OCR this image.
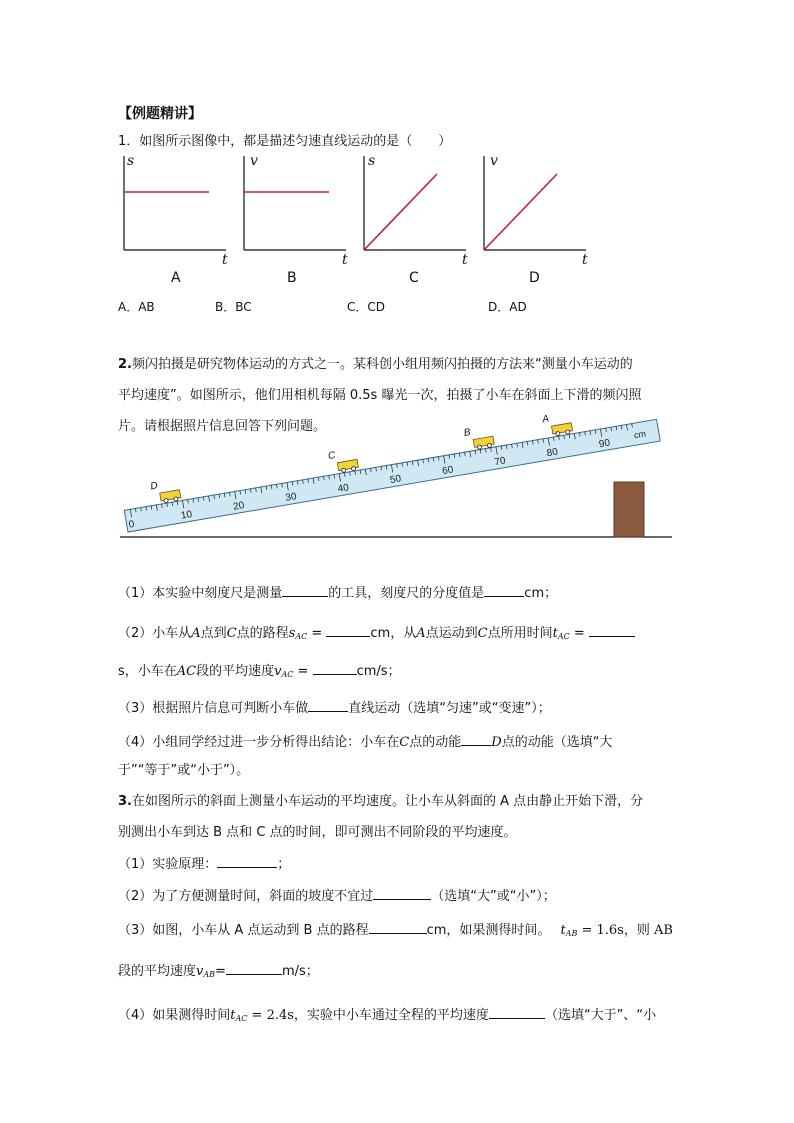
【例题精讲】
1．如图所示图像中，都是描述匀速直线运动的是（　　）
s
t
A
v
t
B
s
t
C
v
t
D
A．AB	B．BC	C．CD	D．AD
2.频闪拍摄是研究物体运动的方式之一。某科创小组用频闪拍摄的方法来“测量小车运动的
平均速度”。如图所示，他们用相机每隔 0.5s 曝光一次，拍摄了小车在斜面上下滑的频闪照
片。请根据照片信息回答下列问题。
0
10
20
30
40
50
60
70
80
90
cm
D
C
B
A
（1）本实验中刻度尺是测量	的工具，刻度尺的分度值是	cm；
（2）小车从A点到C点的路程$s_{AC}$ =	cm，从A点运动到C点所用时间$t_{AC}$ =
s，小车在AC段的平均速度$v_{AC}$ =	cm/s；
（3）根据照片信息可判断小车做	直线运动（选填“匀速”或“变速”）；
（4）小组同学经过进一步分析得出结论：小车在C点的动能 D点的动能（选填“大
于”“等于”或“小于”）。
3.在如图所示的斜面上测量小车运动的平均速度。让小车从斜面的 A 点由静止开始下滑，分
别测出小车到达 B 点和 C 点的时间，即可测出不同阶段的平均速度。
（1）实验原理：	；
（2）为了方便测量时间，斜面的坡度不宜过	（选填“大”或“小”）；
（3）如图，小车从 A 点运动到 B 点的路程	cm，如果测得时间。 $t_{AB} = 1.6s$，则 AB
段的平均速度$v_{AB}=$	m/s；
（4）如果测得时间$t_{AC} = 2.4s$，实验中小车通过全程的平均速度	（选填“大于”、“小
